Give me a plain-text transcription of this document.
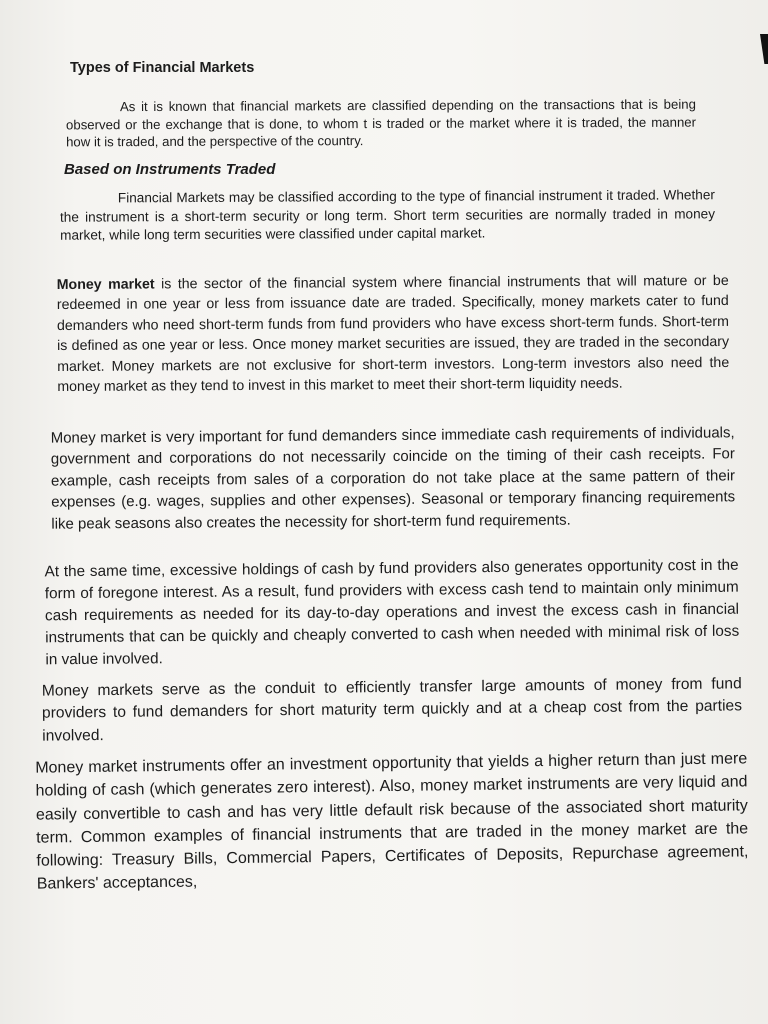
Types of Financial Markets

As it is known that financial markets are classified depending on the transactions that is being observed or the exchange that is done, to whom t is traded or the market where it is traded, the manner how it is traded, and the perspective of the country.

Based on Instruments Traded

Financial Markets may be classified according to the type of financial instrument it traded. Whether the instrument is a short-term security or long term. Short term securities are normally traded in money market, while long term securities were classified under capital market.

Money market is the sector of the financial system where financial instruments that will mature or be redeemed in one year or less from issuance date are traded. Specifically, money markets cater to fund demanders who need short-term funds from fund providers who have excess short-term funds. Short-term is defined as one year or less. Once money market securities are issued, they are traded in the secondary market. Money markets are not exclusive for short-term investors. Long-term investors also need the money market as they tend to invest in this market to meet their short-term liquidity needs.

Money market is very important for fund demanders since immediate cash requirements of individuals, government and corporations do not necessarily coincide on the timing of their cash receipts. For example, cash receipts from sales of a corporation do not take place at the same pattern of their expenses (e.g. wages, supplies and other expenses). Seasonal or temporary financing requirements like peak seasons also creates the necessity for short-term fund requirements.

At the same time, excessive holdings of cash by fund providers also generates opportunity cost in the form of foregone interest. As a result, fund providers with excess cash tend to maintain only minimum cash requirements as needed for its day-to-day operations and invest the excess cash in financial instruments that can be quickly and cheaply converted to cash when needed with minimal risk of loss in value involved.

Money markets serve as the conduit to efficiently transfer large amounts of money from fund providers to fund demanders for short maturity term quickly and at a cheap cost from the parties involved.

Money market instruments offer an investment opportunity that yields a higher return than just mere holding of cash (which generates zero interest). Also, money market instruments are very liquid and easily convertible to cash and has very little default risk because of the associated short maturity term. Common examples of financial instruments that are traded in the money market are the following: Treasury Bills, Commercial Papers, Certificates of Deposits, Repurchase agreement, Bankers' acceptances,
